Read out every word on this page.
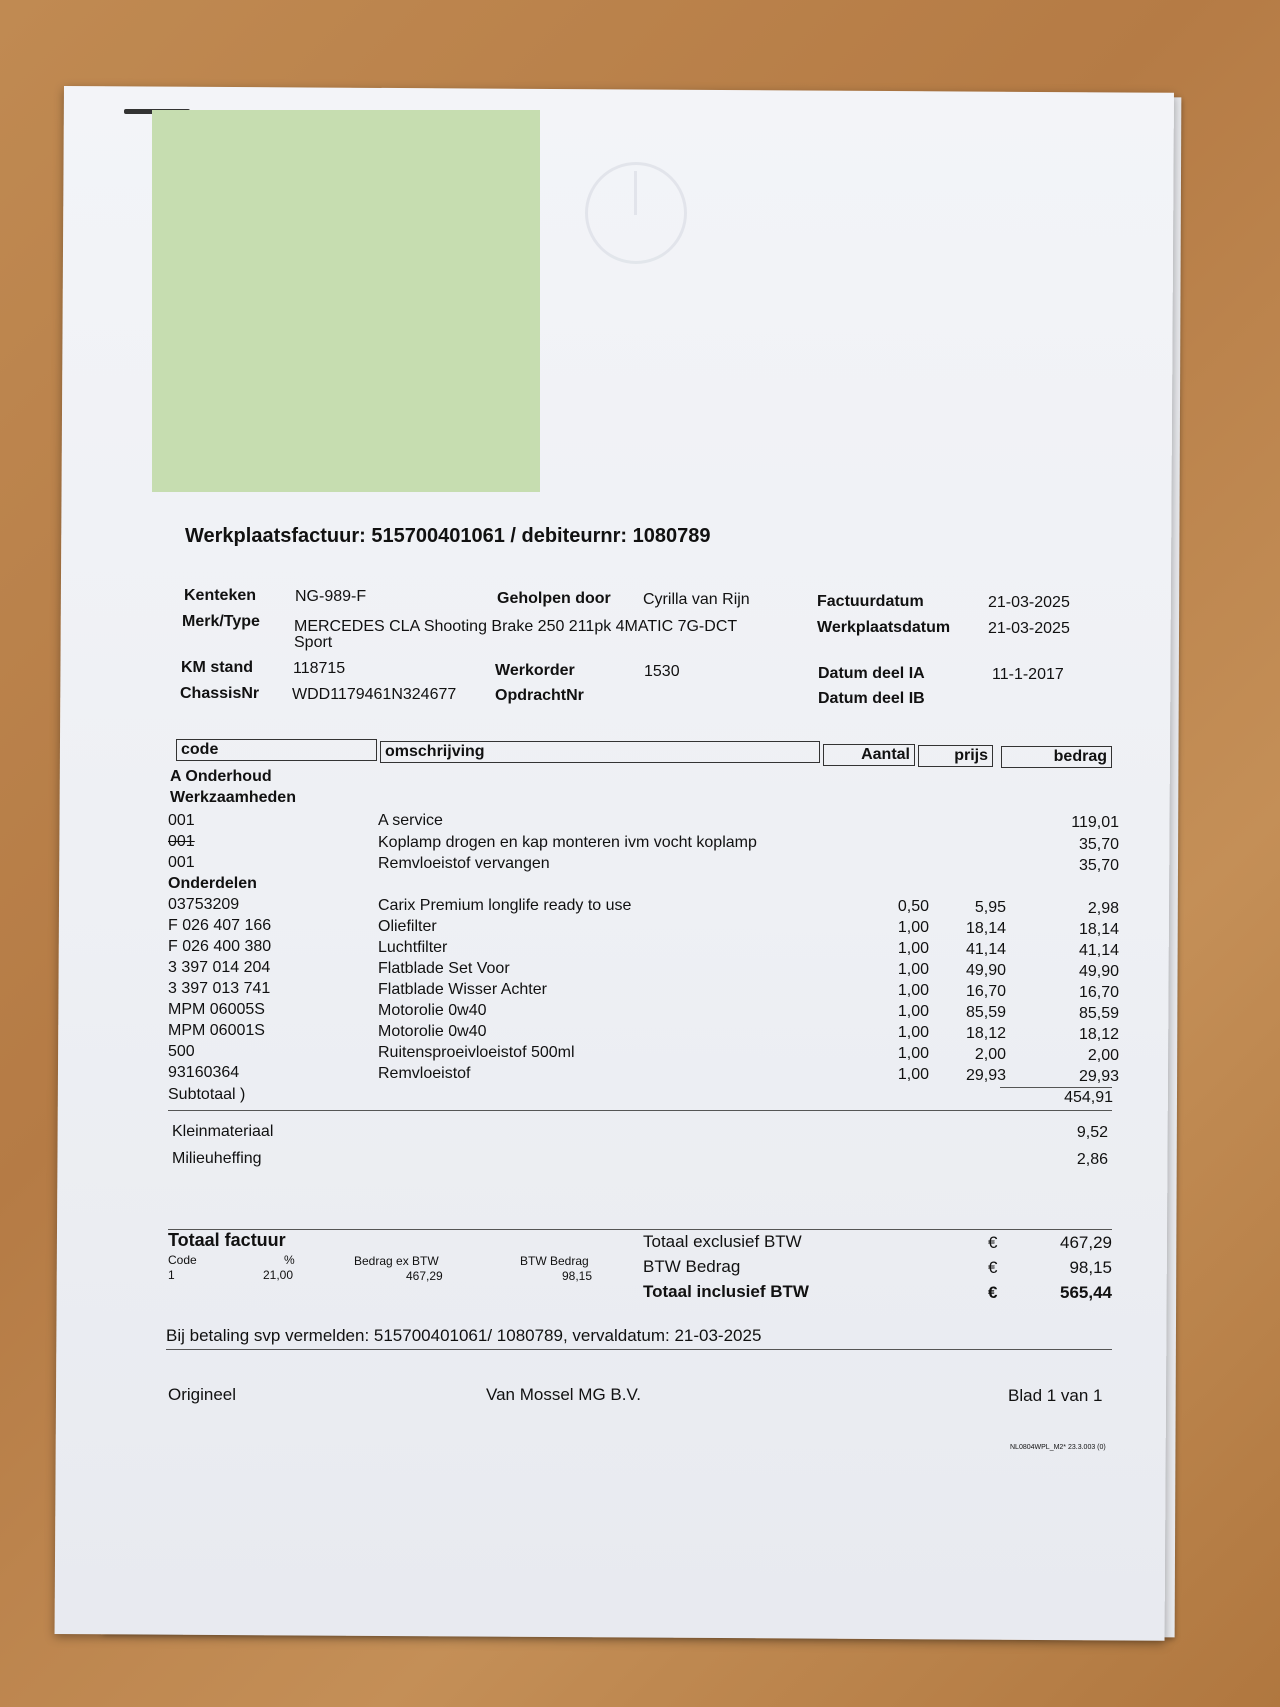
Werkplaatsfactuur: 515700401061 / debiteurnr: 1080789
Kenteken NG-989-F
Merk/Type MERCEDES CLA Shooting Brake 250 211pk 4MATIC 7G-DCT
Sport
KM stand	118715
ChassisNr WDD1179461N324677
Geholpen door Cyrilla van Rijn
Werkorder	1530
OpdrachtNr
Factuurdatum	21-03-2025
Werkplaatsdatum 21-03-2025
Datum deel IA	11-1-2017
Datum deel IB
code	omschrijving	Aantal	prijs	bedrag
A Onderhoud
Werkzaamheden
001	A service	119,01
001	Koplamp drogen en kap monteren ivm vocht koplamp	35,70
001	Remvloeistof vervangen	35,70
Onderdelen
03753209	Carix Premium longlife ready to use	0,50	5,95	2,98
F 026 407 166	Oliefilter	1,00 18,14	18,14
F 026 400 380	Luchtfilter	1,00 41,14	41,14
3 397 014 204	Flatblade Set Voor	1,00 49,90	49,90
3 397 013 741	Flatblade Wisser Achter	1,00 16,70	16,70
MPM 06005S	Motorolie 0w40	1,00 85,59	85,59
MPM 06001S	Motorolie 0w40	1,00 18,12	18,12
500	Ruitensproeivloeistof 500ml	1,00	2,00	2,00
93160364	Remvloeistof	1,00 29,93	29,93
Subtotaal )	454,91
Kleinmateriaal	9,52
Milieuheffing	2,86
Totaal factuur
Code	%	Bedrag ex BTW	BTW Bedrag
1	21,00	467,29	98,15
Totaal exclusief BTW	€	467,29
BTW Bedrag	€	98,15
Totaal inclusief BTW	€	565,44
Bij betaling svp vermelden: 515700401061/ 1080789, vervaldatum: 21-03-2025
Origineel	Van Mossel MG B.V.	Blad 1 van 1
NL0804WPL_M2* 23.3.003 (0)
